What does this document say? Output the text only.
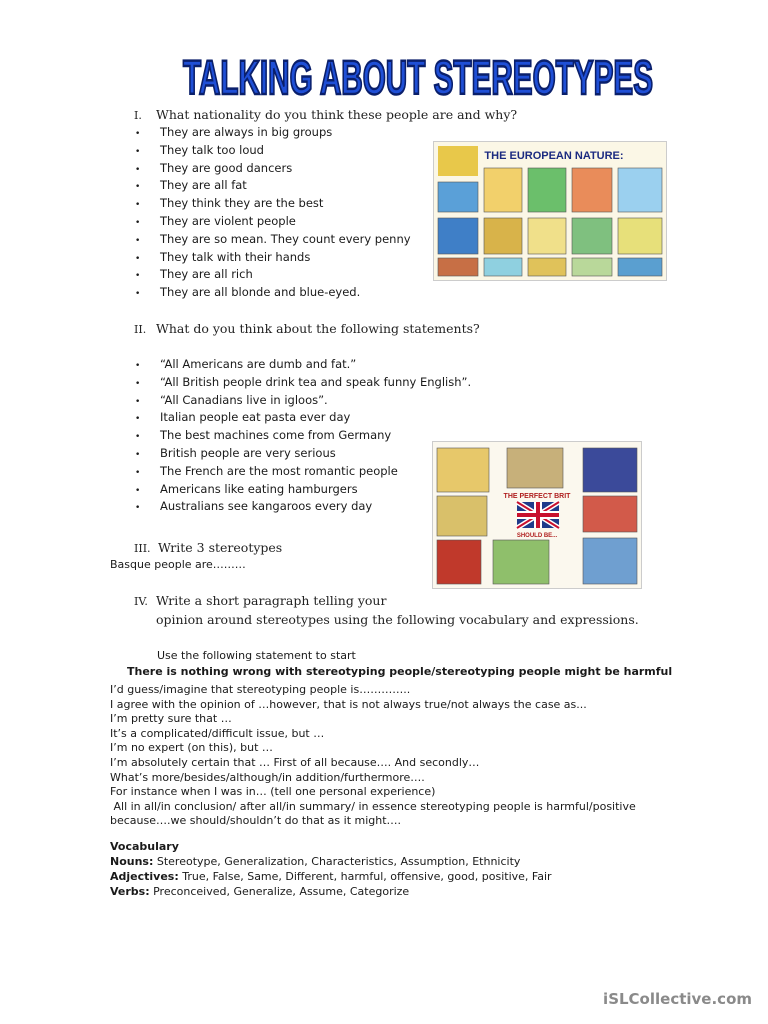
TALKING ABOUT STEREOTYPES
I. What nationality do you think these people are and why?
• They are always in big groups
• They talk too loud
• They are good dancers
• They are all fat
• They think they are the best
• They are violent people
• They are so mean. They count every penny
• They talk with their hands
• They are all rich
• They are all blonde and blue-eyed.
THE EUROPEAN NATURE:
II. What do you think about the following statements?
• “All Americans are dumb and fat.”
• “All British people drink tea and speak funny English”.
• “All Canadians live in igloos”.
• Italian people eat pasta ever day
• The best machines come from Germany
• British people are very serious
• The French are the most romantic people
• Americans like eating hamburgers
• Australians see kangaroos every day
THE PERFECT BRIT
SHOULD BE...
III. Write 3 stereotypes
Basque people are………
IV. Write a short paragraph telling your
opinion around stereotypes using the following vocabulary and expressions.
Use the following statement to start
There is nothing wrong with stereotyping people/stereotyping people might be harmful
I’d guess/imagine that stereotyping people is…………..
I agree with the opinion of …however, that is not always true/not always the case as...
I’m pretty sure that …
It’s a complicated/difficult issue, but …
I’m no expert (on this), but …
I’m absolutely certain that … First of all because…. And secondly…
What’s more/besides/although/in addition/furthermore….
For instance when I was in… (tell one personal experience)
All in all/in conclusion/ after all/in summary/ in essence stereotyping people is harmful/positive
because….we should/shouldn’t do that as it might….
Vocabulary
Nouns: Stereotype, Generalization, Characteristics, Assumption, Ethnicity
Adjectives: True, False, Same, Different, harmful, offensive, good, positive, Fair
Verbs: Preconceived, Generalize, Assume, Categorize
iSLCollective.com
